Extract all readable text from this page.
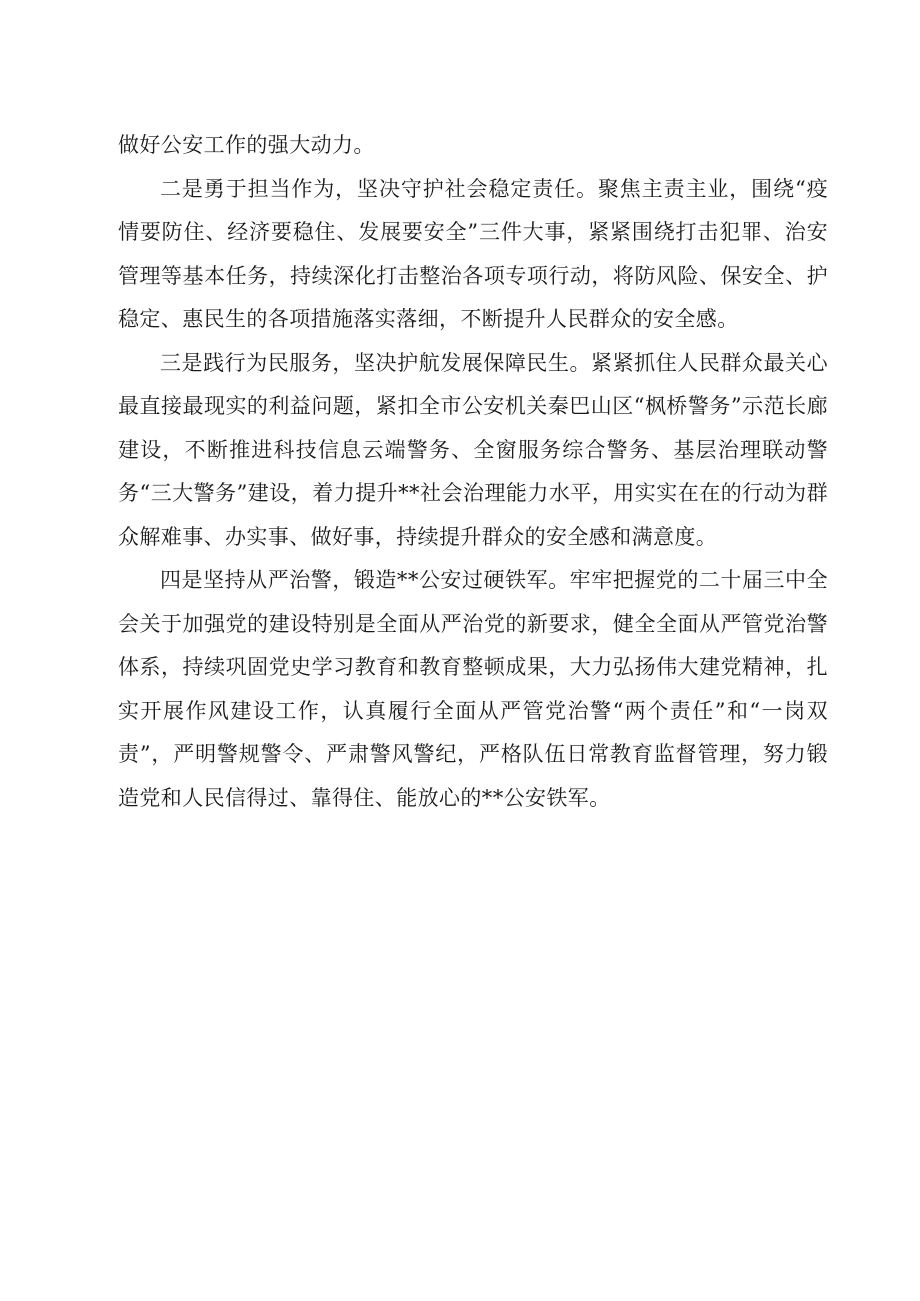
做好公安工作的强大动力。

二是勇于担当作为，坚决守护社会稳定责任。聚焦主责主业，围绕“疫情要防住、经济要稳住、发展要安全”三件大事，紧紧围绕打击犯罪、治安管理等基本任务，持续深化打击整治各项专项行动，将防风险、保安全、护稳定、惠民生的各项措施落实落细，不断提升人民群众的安全感。

三是践行为民服务，坚决护航发展保障民生。紧紧抓住人民群众最关心最直接最现实的利益问题，紧扣全市公安机关秦巴山区“枫桥警务”示范长廊建设，不断推进科技信息云端警务、全窗服务综合警务、基层治理联动警务“三大警务”建设，着力提升**社会治理能力水平，用实实在在的行动为群众解难事、办实事、做好事，持续提升群众的安全感和满意度。

四是坚持从严治警，锻造**公安过硬铁军。牢牢把握党的二十届三中全会关于加强党的建设特别是全面从严治党的新要求，健全全面从严管党治警体系，持续巩固党史学习教育和教育整顿成果，大力弘扬伟大建党精神，扎实开展作风建设工作，认真履行全面从严管党治警“两个责任”和“一岗双责”，严明警规警令、严肃警风警纪，严格队伍日常教育监督管理，努力锻造党和人民信得过、靠得住、能放心的**公安铁军。
